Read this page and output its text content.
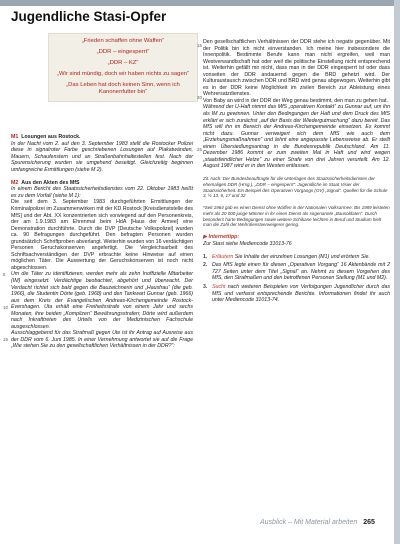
Jugendliche Stasi-Opfer

„Frieden schaffen ohne Waffen“

„DDR – eingesperrt“

„DDR – KZ“

„Wir sind mündig, doch wir haben nichts zu sagen“

„Das Leben hat doch keinen Sinn, wenn ich Kanonenfutter bin“

15
20
25
5
10
15

M1 Losungen aus Rostock.

In der Nacht vom 2. auf den 3. September 1983 stellt die Rostocker Polizei diese in signalroter Farbe geschriebenen Losungen auf Plakatwänden, Mauern, Schaufenstern und an Straßenbahnhaltestellen fest. Nach der Spurensicherung wurden sie umgehend beseitigt. Gleichzeitig beginnen umfangreiche Ermittlungen (siehe M 2).

M2 Aus den Akten des MfS

In einem Bericht des Staatssicherheitsdienstes vom 22. Oktober 1983 heißt es zu dem Vorfall (siehe M 1):

Die seit dem 3. September 1983 durchgeführten Ermittlungen der Kriminalpolizei im Zusammenwirken mit der KD Rostock [Kreisdienststelle des MfS] und der Abt. XX konzentrierten sich vorwiegend auf den Personenkreis, der am 1.9.1983 am Ehrenmal beim HdA [Haus der Armee] eine Demonstration durchführte. Durch die DVP [Deutsche Volkspolizei] wurden ca. 90 Befragungen durchgeführt. Den befragten Personen wurden grundsätzlich Schriftproben abverlangt. Weiterhin wurden von 16 verdächtigen Personen Geruchskonserven angefertigt. Die Vergleichsarbeit des Schriftsachverständigen der DVP erbrachte keine Hinweise auf einen möglichen Täter. Die Auswertung der Geruchskonserven ist noch nicht abgeschlossen.

Um die Täter zu identifizieren, werden mehr als zehn Inoffizielle Mitarbeiter (IM) eingesetzt. Verdächtige beobachtet, abgehört und überwacht. Der Verdacht richtet sich bald gegen die Bauzeichnerin und „Hausfrau“ (die geb. 1966), die Studentin Dörte (geb. 1968) und den Tankwart Gunnar (geb. 1966) aus dem Kreis der Evangelischen Andreas-Kirchengemeinde Rostock-Evershagen. Uta erhält eine Freiheitsstrafe von einem Jahr und sechs Monaten, ihre beiden „Komplizen“ Bewährungsstrafen; Dörte wird außerdem nach Inkrafttreten des Urteils von der Medizinischen Fachschule ausgeschlossen.

Ausschlaggebend für das Strafmaß gegen Ute ist ihr Antrag auf Ausreise aus der DDR vom 6. Juni 1985. In einer Vernehmung antwortet sie auf die Frage „Wie stehen Sie zu den gesellschaftlichen Verhältnissen in der DDR?“:

Den gesellschaftlichen Verhältnissen der DDR stehe ich negativ gegenüber. Mit der Politik bin ich nicht einverstanden. Ich meine hier insbesondere die Innenpolitik. Bestimmte Berufe kann man nicht ergreifen, weil man Westverwandtschaft hat oder weil die politische Einstellung nicht entsprechend ist. Weiterhin gefällt mir nicht, dass man in der DDR eingesperrt ist oder dass vonseiten der DDR andauernd gegen die BRD gehetzt wird. Der Kulturaustausch zwischen DDR und BRD wird genau abgewogen. Weiterhin gibt es in der DDR keine Möglichkeit im zivilen Bereich zur Ableistung eines Wehrersatzdienstes.

Von Baby an wird in der DDR der Weg genau bestimmt, den man zu gehen hat.

Während der U-Haft nimmt das MfS „operativen Kontakt“ zu Gunnar auf, um ihn als IM zu gewinnen. Unter den Bedingungen der Haft und dem Druck des MfS erklärt er sich zunächst „auf der Basis der Wiedergutmachung“ dazu bereit. Das MfS will ihn im Bereich der Andreas-Kirchengemeinde einsetzen. Es kommt nicht dazu. Gunnar verweigert sich dem MfS wie auch dem „Erziehungsmaßnahmen“ und lehnt eine angepasste Lebensweise ab. Er stellt einen Übersiedlungsantrag in die Bundesrepublik Deutschland. Am 11. Dezember 1986 kommt er zum zweiten Mal in Haft und wird wegen „staatsfeindlicher Hetze“ zu einer Strafe von drei Jahren verurteilt. Am 12. August 1987 wird er in den Westen entlassen.

Zit. nach: Der Bundesbeauftragte für die Unterlagen des Staatssicherheitsdienstes der ehemaligen DDR (Hrsg.), „DDR – eingesperrt“. Jugendliche im Staat Visier der Staatssicherheit. Ein Beispiel des Operativen Vorgangs (OV) „Signal“. Quellen für die Schule 3, ½ 13, 6, 17 und 32

*Seit 1964 gab es einen Dienst ohne Waffen in der Nationalen Volksarmee. Bis 1989 leisteten mehr als 20 000 junge Männer in ihr einen Dienst als sogenannte „Bausoldaten“. Durch besonders harte Bedingungen sowie weitere Schikane leichten in Beruf und Studium hielt man die Zahl der Wehrdienstverweigerer gering.

▶ Internettipp:

Zur Stasi siehe Mediencode 31013-76

1. Erläutern Sie Inhalte der einzelnen Losungen (M1) und erörtern Sie.
2. Das MfS legte einen für diesen „Operativen Vorgang“ 16 Aktenbände mit 2 727 Seiten unter dem Titel „Signal“ an. Nehmt zu diesem Vorgehen des MfS, den Strafmaßen und den betroffenen Personen Stellung (M1 und M2).
3. Sucht nach weiteren Beispielen von Verfolgungen Jugendlicher durch das MfS und verfasst entsprechende Berichte. Informationen findet ihr auch unter Mediencode 31013-74.
Ausblick – Mit Material arbeiten 265
